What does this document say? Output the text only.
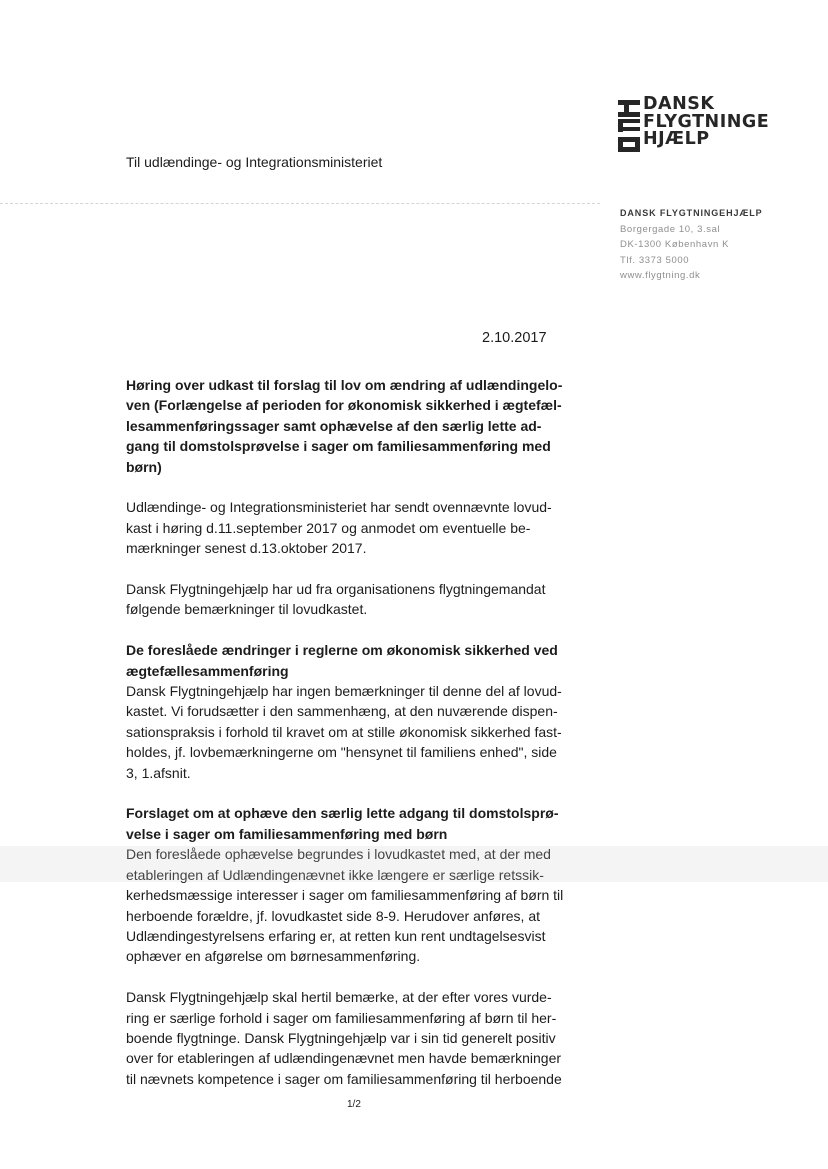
DANSK
FLYGTNINGE
HJÆLP
Til udlændinge- og Integrationsministeriet
DANSK FLYGTNINGEHJÆLP
Borgergade 10, 3.sal
DK-1300 København K
Tlf. 3373 5000
www.flygtning.dk
2.10.2017

Høring over udkast til forslag til lov om ændring af udlændingelo-

ven (Forlængelse af perioden for økonomisk sikkerhed i ægtefæl-

lesammenføringssager samt ophævelse af den særlig lette ad-

gang til domstolsprøvelse i sager om familiesammenføring med

børn)

Udlændinge- og Integrationsministeriet har sendt ovennævnte lovud-

kast i høring d.11.september 2017 og anmodet om eventuelle be-

mærkninger senest d.13.oktober 2017.

Dansk Flygtningehjælp har ud fra organisationens flygtningemandat

følgende bemærkninger til lovudkastet.

De foreslåede ændringer i reglerne om økonomisk sikkerhed ved

ægtefællesammenføring

Dansk Flygtningehjælp har ingen bemærkninger til denne del af lovud-

kastet. Vi forudsætter i den sammenhæng, at den nuværende dispen-

sationspraksis i forhold til kravet om at stille økonomisk sikkerhed fast-

holdes, jf. lovbemærkningerne om "hensynet til familiens enhed", side

3, 1.afsnit.

Forslaget om at ophæve den særlig lette adgang til domstolsprø-

velse i sager om familiesammenføring med børn

Den foreslåede ophævelse begrundes i lovudkastet med, at der med

etableringen af Udlændingenævnet ikke længere er særlige retssik-

kerhedsmæssige interesser i sager om familiesammenføring af børn til

herboende forældre, jf. lovudkastet side 8-9. Herudover anføres, at

Udlændingestyrelsens erfaring er, at retten kun rent undtagelsesvist

ophæver en afgørelse om børnesammenføring.

Dansk Flygtningehjælp skal hertil bemærke, at der efter vores vurde-

ring er særlige forhold i sager om familiesammenføring af børn til her-

boende flygtninge. Dansk Flygtningehjælp var i sin tid generelt positiv

over for etableringen af udlændingenævnet men havde bemærkninger

til nævnets kompetence i sager om familiesammenføring til herboende

1/2
